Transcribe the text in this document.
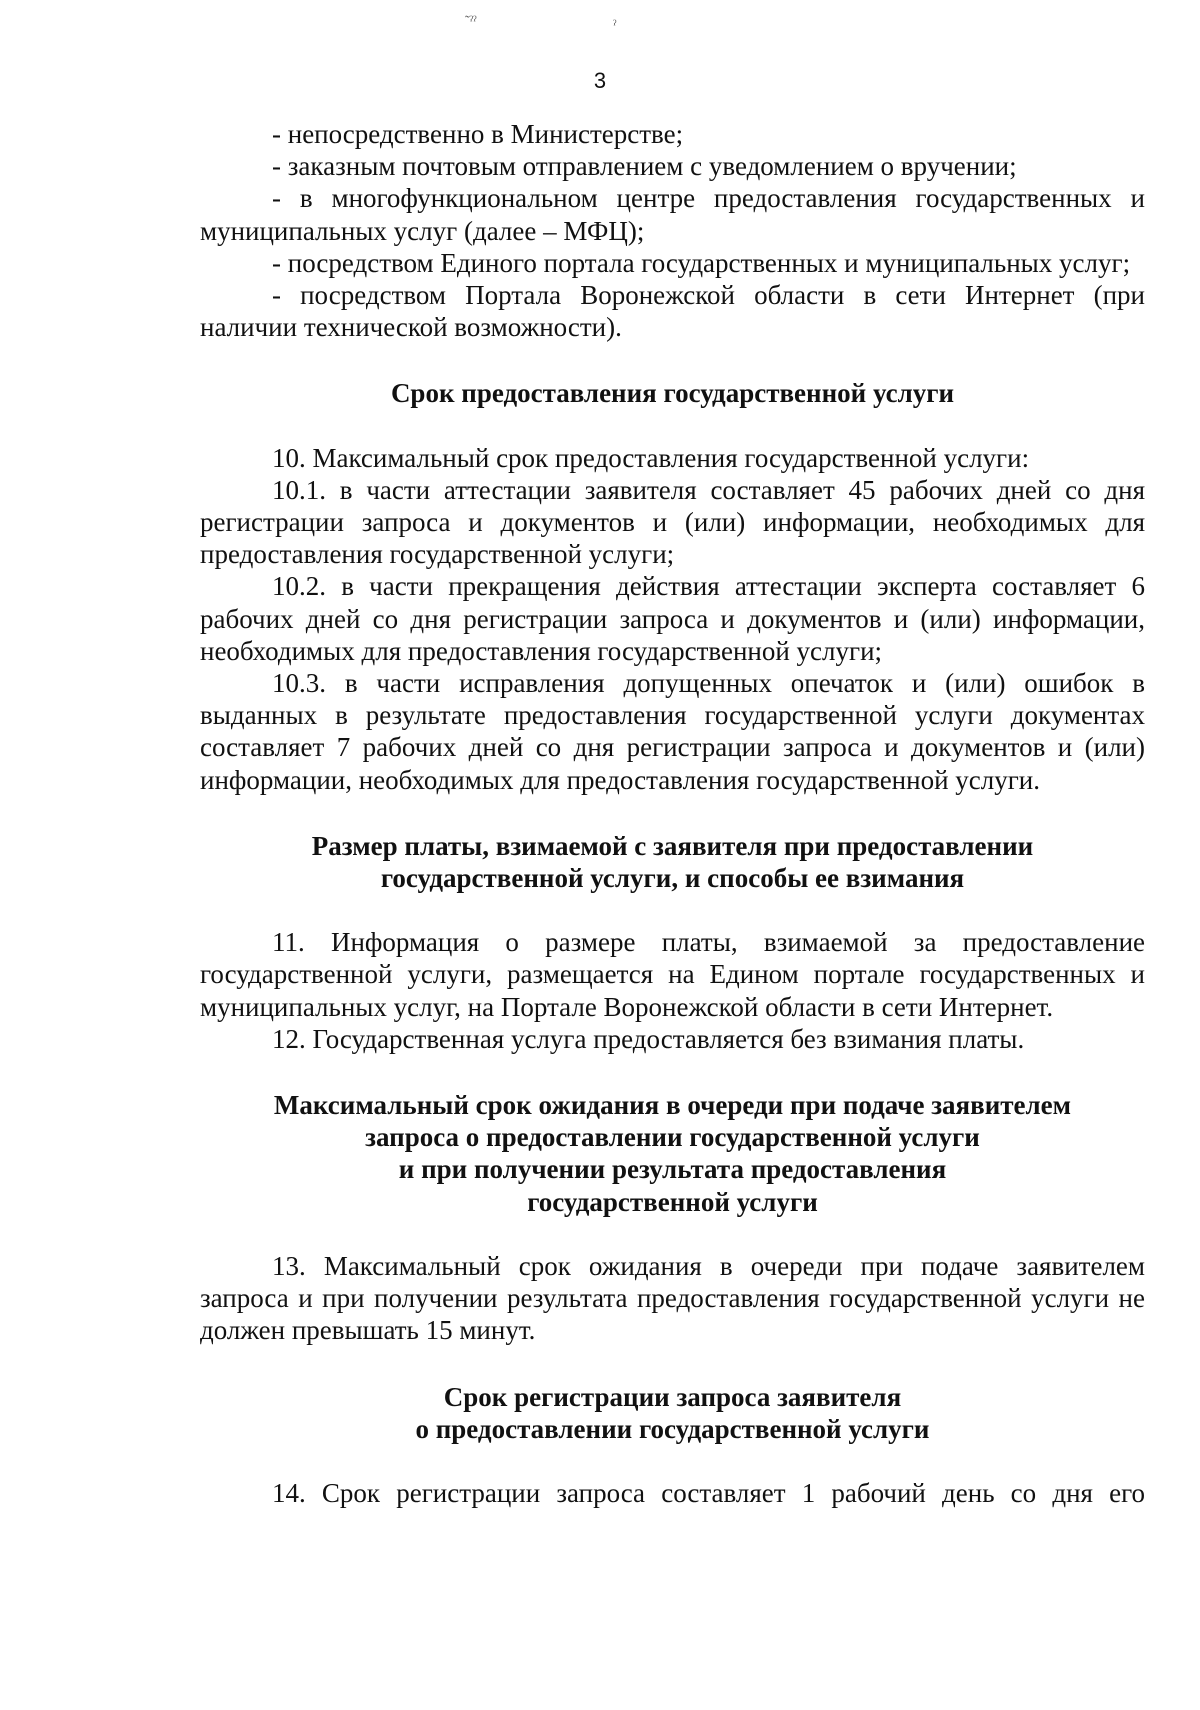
˜ˀˀ	ˀ
3

- непосредственно в Министерстве;

- заказным почтовым отправлением с уведомлением о вручении;

- в многофункциональном центре предоставления государственных и муниципальных услуг (далее – МФЦ);

- посредством Единого портала государственных и муниципальных услуг;

- посредством Портала Воронежской области в сети Интернет (при наличии технической возможности).

Срок предоставления государственной услуги

10. Максимальный срок предоставления государственной услуги:

10.1. в части аттестации заявителя составляет 45 рабочих дней со дня регистрации запроса и документов и (или) информации, необходимых для предоставления государственной услуги;

10.2. в части прекращения действия аттестации эксперта составляет 6 рабочих дней со дня регистрации запроса и документов и (или) информации, необходимых для предоставления государственной услуги;

10.3. в части исправления допущенных опечаток и (или) ошибок в выданных в результате предоставления государственной услуги документах составляет 7 рабочих дней со дня регистрации запроса и документов и (или) информации, необходимых для предоставления государственной услуги.

Размер платы, взимаемой с заявителя при предоставлении

государственной услуги, и способы ее взимания

11. Информация о размере платы, взимаемой за предоставление государственной услуги, размещается на Едином портале государственных и муниципальных услуг, на Портале Воронежской области в сети Интернет.

12. Государственная услуга предоставляется без взимания платы.

Максимальный срок ожидания в очереди при подаче заявителем

запроса о предоставлении государственной услуги

и при получении результата предоставления

государственной услуги

13. Максимальный срок ожидания в очереди при подаче заявителем запроса и при получении результата предоставления государственной услуги не должен превышать 15 минут.

Срок регистрации запроса заявителя

о предоставлении государственной услуги

14. Срок регистрации запроса составляет 1 рабочий день со дня его
